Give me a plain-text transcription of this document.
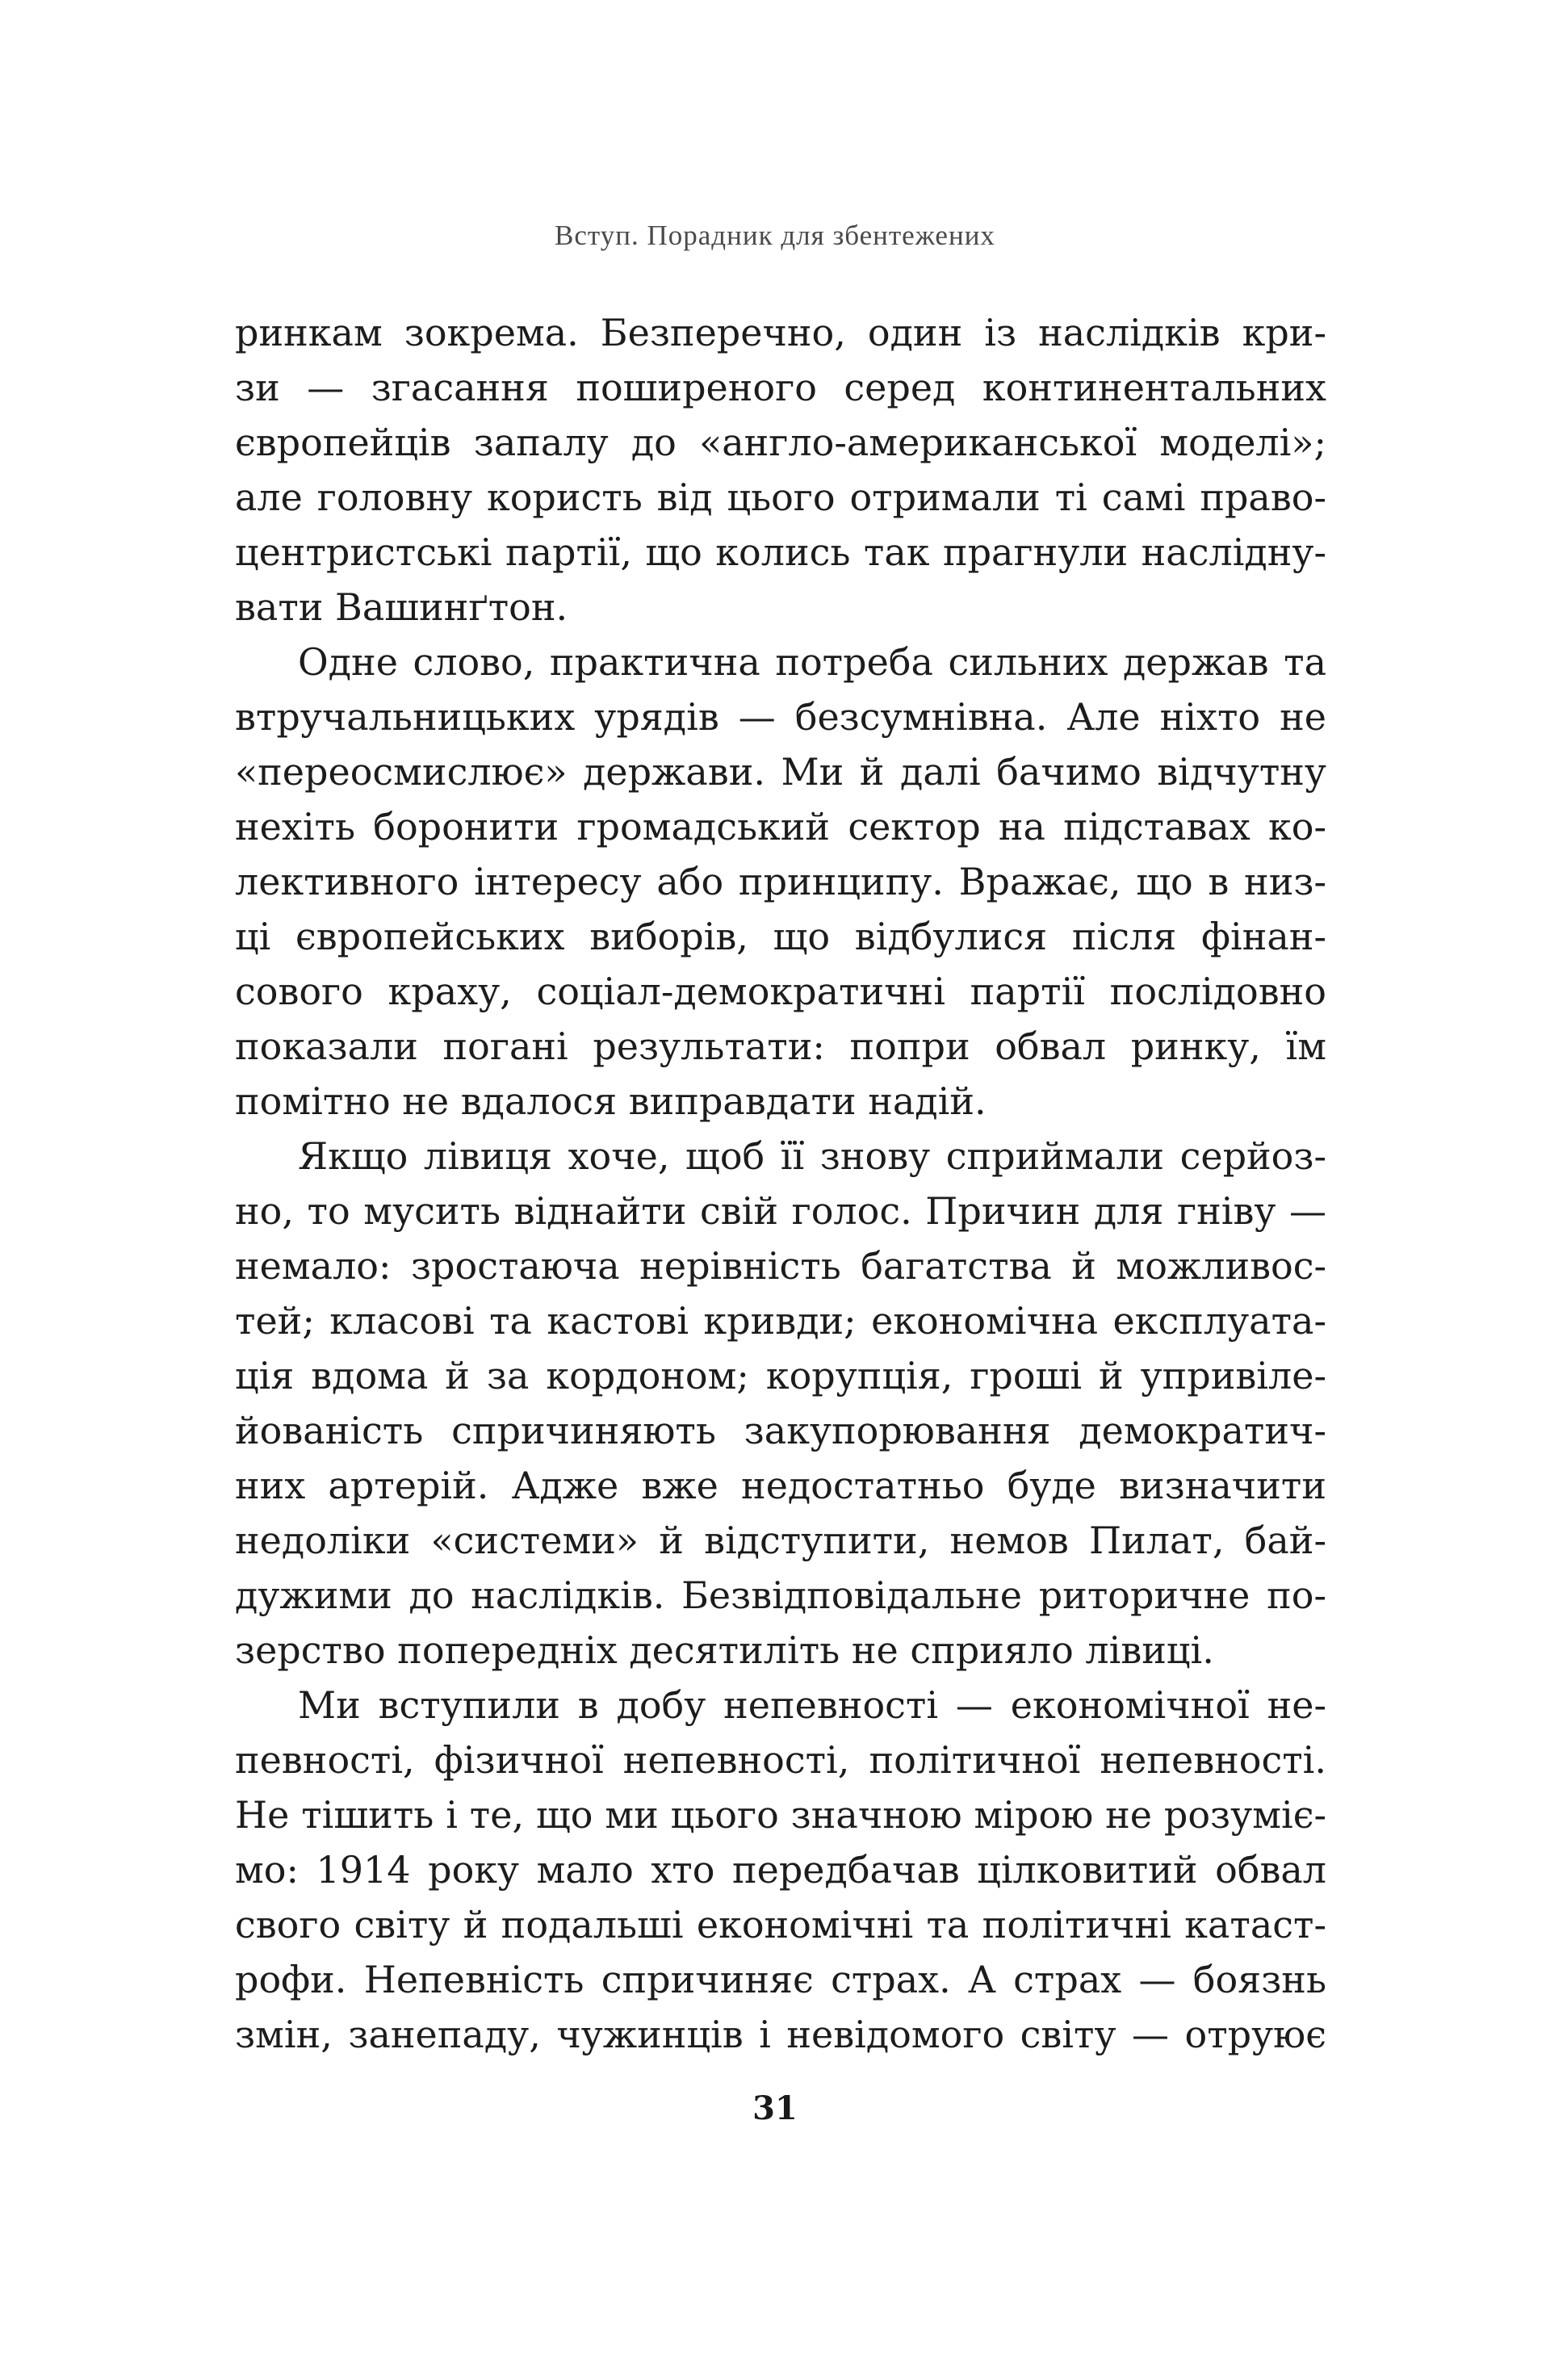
Вступ. Порадник для збентежених
ринкам зокрема. Безперечно, один із наслідків кри-
зи — згасання поширеного серед континентальних
європейців запалу до «англо-американської моделі»;
але головну користь від цього отримали ті самі право-
центристські партії, що колись так прагнули наслідну-
вати Вашинґтон.
Одне слово, практична потреба сильних держав та
втручальницьких урядів — безсумнівна. Але ніхто не
«переосмислює» держави. Ми й далі бачимо відчутну
нехіть боронити громадський сектор на підставах ко-
лективного інтересу або принципу. Вражає, що в низ-
ці європейських виборів, що відбулися після фінан-
сового краху, соціал-демократичні партії послідовно
показали погані результати: попри обвал ринку, їм
помітно не вдалося виправдати надій.
Якщо лівиця хоче, щоб її знову сприймали серйоз-
но, то мусить віднайти свій голос. Причин для гніву —
немало: зростаюча нерівність багатства й можливос-
тей; класові та кастові кривди; економічна експлуата-
ція вдома й за кордоном; корупція, гроші й упривіле-
йованість спричиняють закупорювання демократич-
них артерій. Адже вже недостатньо буде визначити
недоліки «системи» й відступити, немов Пилат, бай-
дужими до наслідків. Безвідповідальне риторичне по-
зерство попередніх десятиліть не сприяло лівиці.
Ми вступили в добу непевності — економічної не-
певності, фізичної непевності, політичної непевності.
Не тішить і те, що ми цього значною мірою не розуміє-
мо: 1914 року мало хто передбачав цілковитий обвал
свого світу й подальші економічні та політичні катаст-
рофи. Непевність спричиняє страх. А страх — боязнь
змін, занепаду, чужинців і невідомого світу — отруює
31
